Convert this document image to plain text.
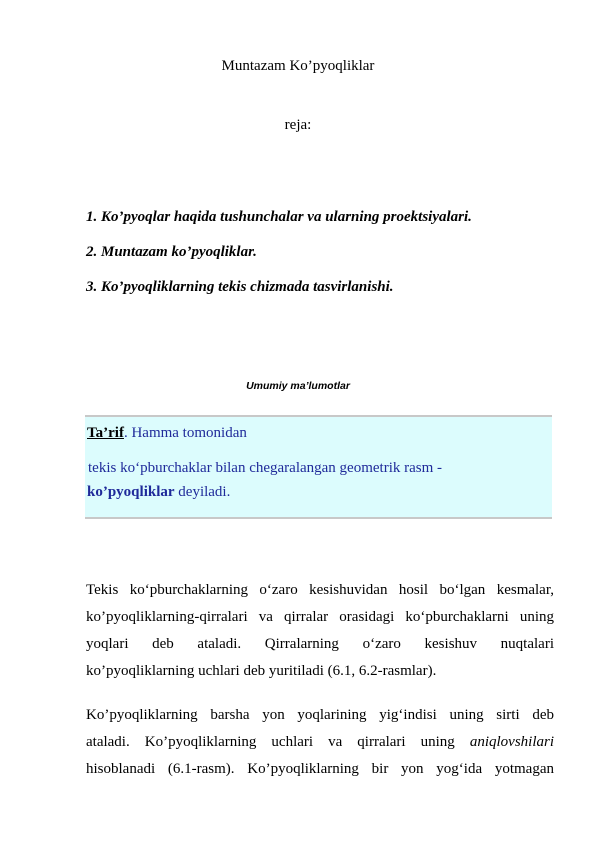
Muntazam Ko’pyoqliklar
reja:
1. Ko’pyoqlar haqida tushunchalar va ularning proektsiyalari.
2. Muntazam ko’pyoqliklar.
3. Ko’pyoqliklarning tekis chizmada tasvirlanishi.
Umumiy ma’lumotlar
Ta’rif. Hamma tomonidan
tekis ko‘pburchaklar bilan chegaralangan geometrik rasm -
ko’pyoqliklar deyiladi.
Tekis ko‘pburchaklarning o‘zaro kesishuvidan hosil bo‘lgan kesmalar,
ko’pyoqliklarning-qirralari va qirralar orasidagi ko‘pburchaklarni uning
yoqlari deb ataladi. Qirralarning o‘zaro kesishuv nuqtalari
ko’pyoqliklarning uchlari deb yuritiladi (6.1, 6.2-rasmlar).
Ko’pyoqliklarning barsha yon yoqlarining yig‘indisi uning sirti deb
ataladi. Ko’pyoqliklarning uchlari va qirralari uning aniqlovshilari
hisoblanadi (6.1-rasm). Ko’pyoqliklarning bir yon yog‘ida yotmagan
